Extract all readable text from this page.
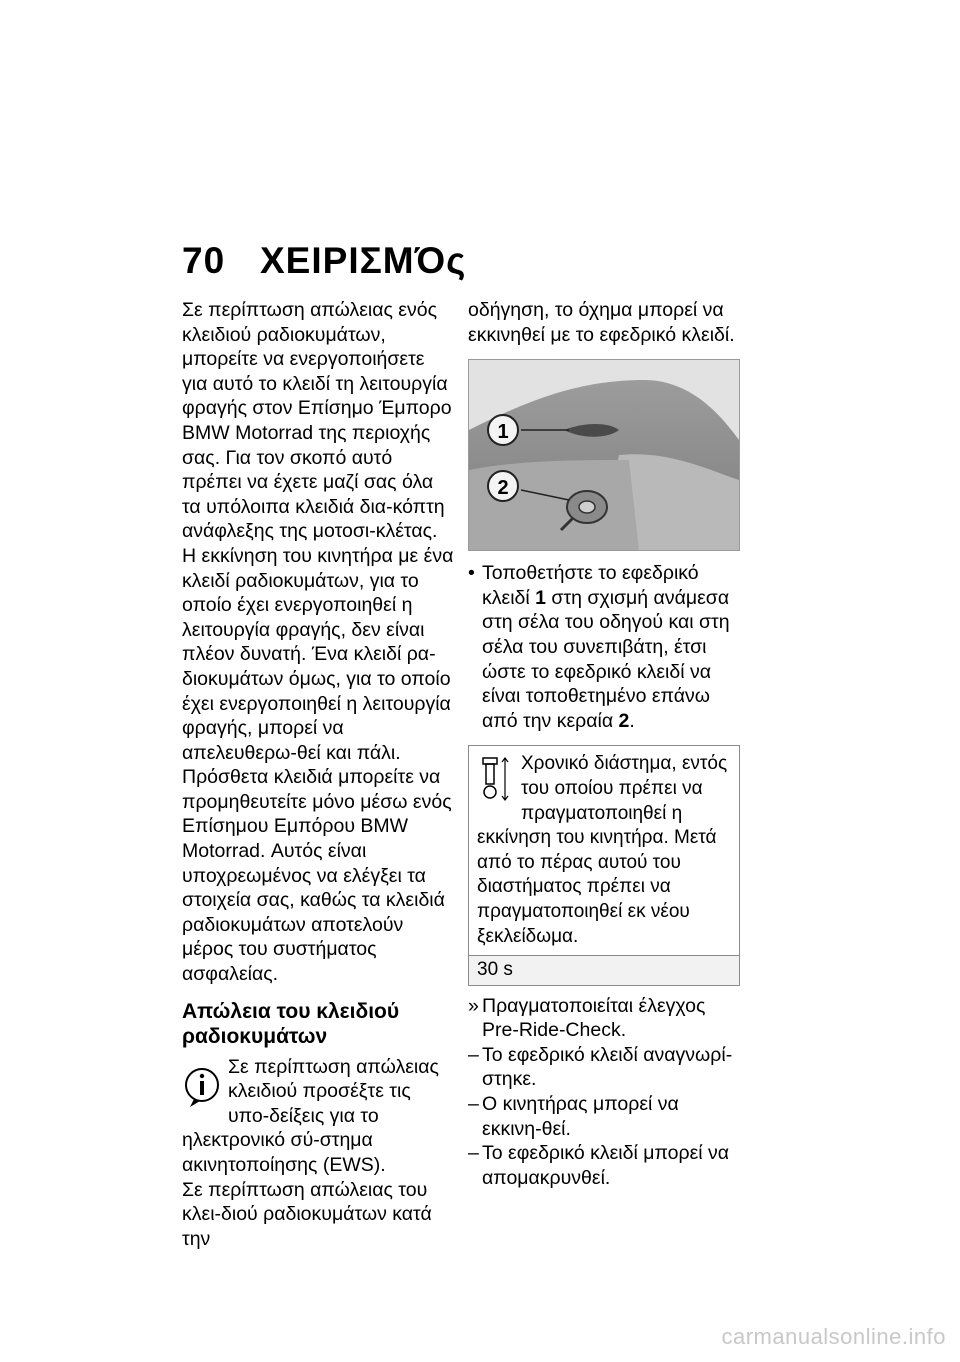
70 ΧΕΙΡΙΣΜΌς

Σε περίπτωση απώλειας ενός κλειδιού ραδιοκυμάτων, μπορείτε να ενεργοποιήσετε για αυτό το κλειδί τη λειτουργία φραγής στον Επίσημο Έμπορο BMW Motorrad της περιοχής σας. Για τον σκοπό αυτό πρέπει να έχετε μαζί σας όλα τα υπόλοιπα κλειδιά δια-κόπτη ανάφλεξης της μοτοσι-κλέτας.

Η εκκίνηση του κινητήρα με ένα κλειδί ραδιοκυμάτων, για το οποίο έχει ενεργοποιηθεί η λειτουργία φραγής, δεν είναι πλέον δυνατή. Ένα κλειδί ρα-διοκυμάτων όμως, για το οποίο έχει ενεργοποιηθεί η λειτουργία φραγής, μπορεί να απελευθερω-θεί και πάλι.

Πρόσθετα κλειδιά μπορείτε να προμηθευτείτε μόνο μέσω ενός Επίσημου Εμπόρου BMW Motorrad. Αυτός είναι υποχρεωμένος να ελέγξει τα στοιχεία σας, καθώς τα κλειδιά ραδιοκυμάτων αποτελούν μέρος του συστήματος ασφαλείας.

Απώλεια του κλειδιού ραδιοκυμάτων

Σε περίπτωση απώλειας κλειδιού προσέξτε τις υπο-δείξεις για το ηλεκτρονικό σύ-στημα ακινητοποίησης (EWS).

Σε περίπτωση απώλειας του κλει-διού ραδιοκυμάτων κατά την

οδήγηση, το όχημα μπορεί να εκκινηθεί με το εφεδρικό κλειδί.

1
2
• Τοποθετήστε το εφεδρικό κλειδί 1 στη σχισμή ανάμεσα στη σέλα του οδηγού και στη σέλα του συνεπιβάτη, έτσι ώστε το εφεδρικό κλειδί να είναι τοποθετημένο επάνω από την κεραία 2.
Χρονικό διάστημα, εντός του οποίου πρέπει να πραγματοποιηθεί η εκκίνηση του κινητήρα. Μετά από το πέρας αυτού του διαστήματος πρέπει να πραγματοποιηθεί εκ νέου ξεκλείδωμα.
30 s
» Πραγματοποιείται έλεγχος Pre-Ride-Check.
– Το εφεδρικό κλειδί αναγνωρί-στηκε.
– Ο κινητήρας μπορεί να εκκινη-θεί.
– Το εφεδρικό κλειδί μπορεί να απομακρυνθεί.
carmanualsonline.info
